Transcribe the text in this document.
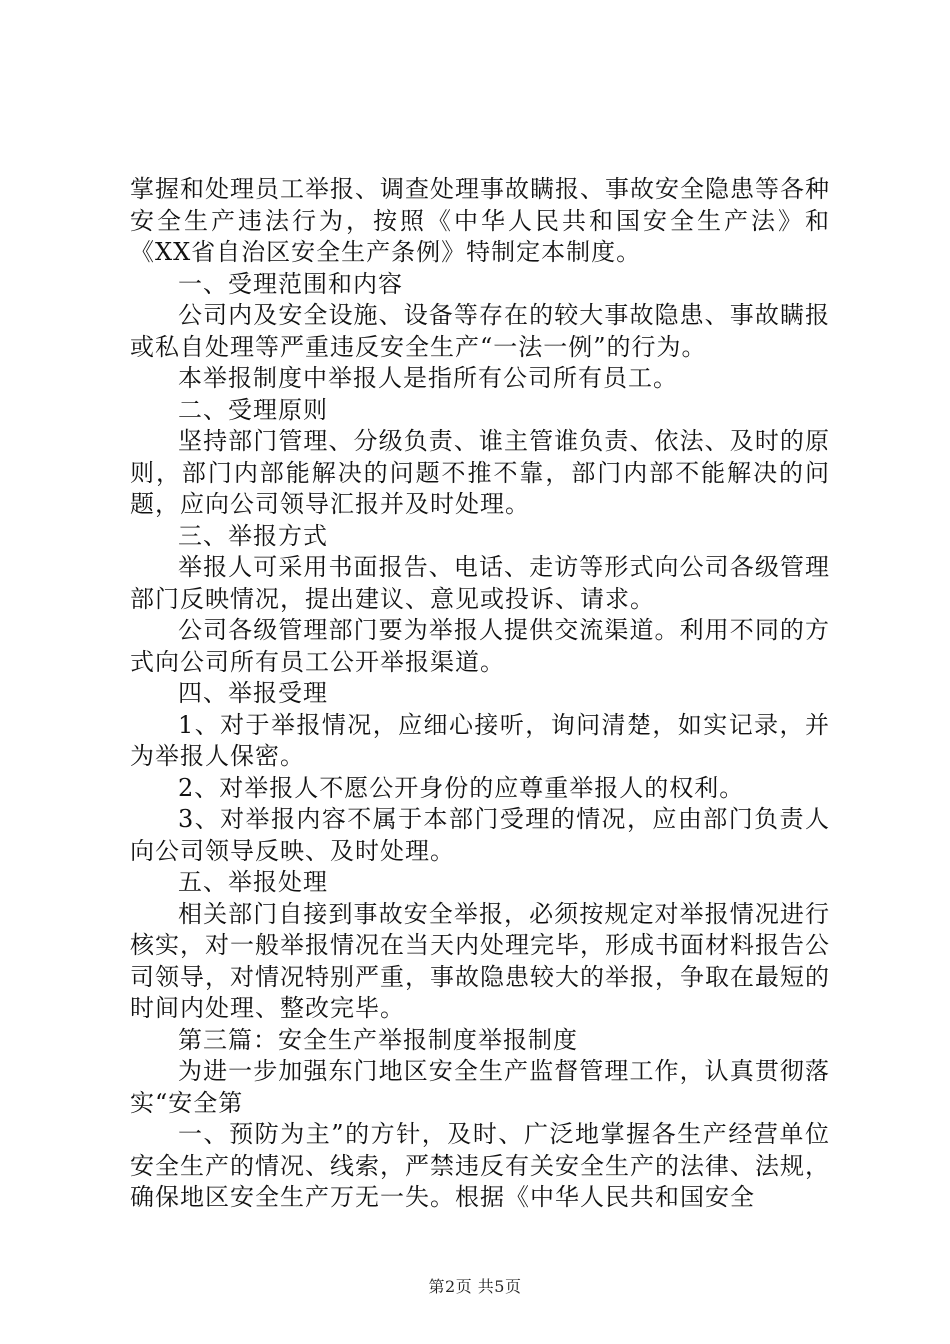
掌握和处理员工举报、调查处理事故瞒报、事故安全隐患等各种安全生产违法行为，按照《中华人民共和国安全生产法》和《XX省自治区安全生产条例》特制定本制度。

一、受理范围和内容

公司内及安全设施、设备等存在的较大事故隐患、事故瞒报或私自处理等严重违反安全生产“一法一例”的行为。

本举报制度中举报人是指所有公司所有员工。

二、受理原则

坚持部门管理、分级负责、谁主管谁负责、依法、及时的原则，部门内部能解决的问题不推不靠，部门内部不能解决的问题，应向公司领导汇报并及时处理。

三、举报方式

举报人可采用书面报告、电话、走访等形式向公司各级管理部门反映情况，提出建议、意见或投诉、请求。

公司各级管理部门要为举报人提供交流渠道。利用不同的方式向公司所有员工公开举报渠道。

四、举报受理

1、对于举报情况，应细心接听，询问清楚，如实记录，并为举报人保密。

2、对举报人不愿公开身份的应尊重举报人的权利。

3、对举报内容不属于本部门受理的情况，应由部门负责人向公司领导反映、及时处理。

五、举报处理

相关部门自接到事故安全举报，必须按规定对举报情况进行核实，对一般举报情况在当天内处理完毕，形成书面材料报告公司领导，对情况特别严重，事故隐患较大的举报，争取在最短的时间内处理、整改完毕。

第三篇：安全生产举报制度举报制度

为进一步加强东门地区安全生产监督管理工作，认真贯彻落实“安全第

一、预防为主”的方针，及时、广泛地掌握各生产经营单位安全生产的情况、线索，严禁违反有关安全生产的法律、法规，确保地区安全生产万无一失。根据《中华人民共和国安全

第2页 共5页
